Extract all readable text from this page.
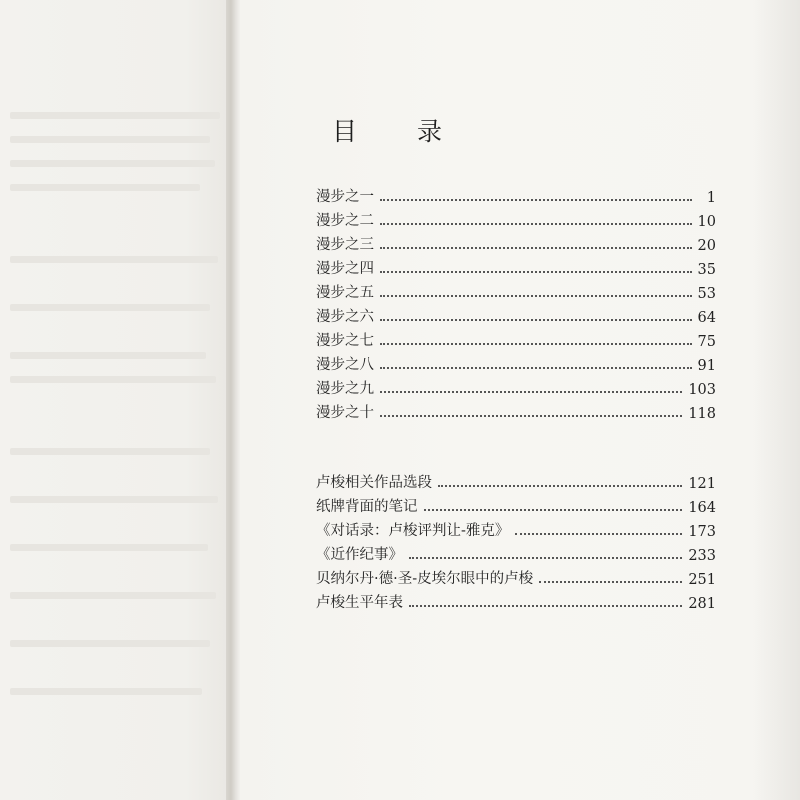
目 录
漫步之一	1
漫步之二	10
漫步之三	20
漫步之四	35
漫步之五	53
漫步之六	64
漫步之七	75
漫步之八	91
漫步之九	103
漫步之十	118
卢梭相关作品选段	121
纸牌背面的笔记	164
《对话录：卢梭评判让-雅克》	173
《近作纪事》	233
贝纳尔丹·德·圣-皮埃尔眼中的卢梭	251
卢梭生平年表	281
